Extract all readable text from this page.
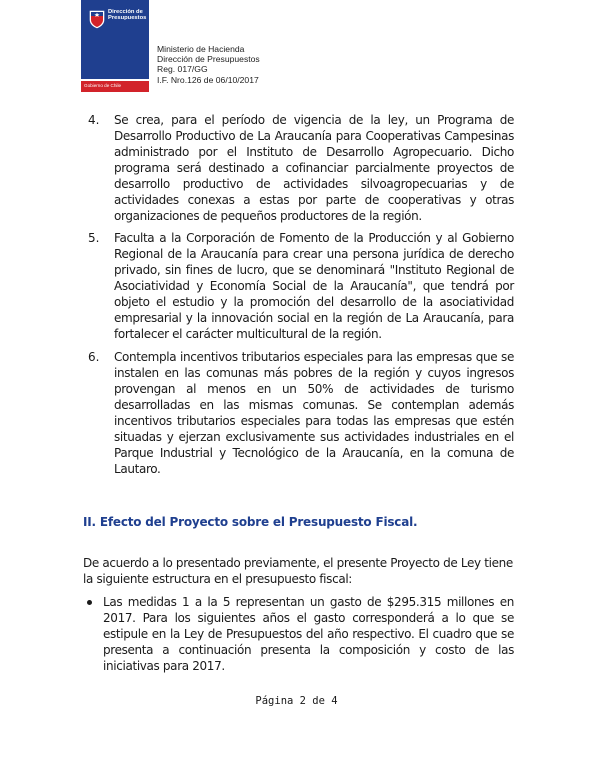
Dirección de Presupuestos
Gobierno de Chile
Ministerio de Hacienda
Dirección de Presupuestos
Reg. 017/GG
I.F. Nro.126 de 06/10/2017
4. Se crea, para el período de vigencia de la ley, un Programa de Desarrollo Productivo de La Araucanía para Cooperativas Campesinas administrado por el Instituto de Desarrollo Agropecuario. Dicho programa será destinado a cofinanciar parcialmente proyectos de desarrollo productivo de actividades silvoagropecuarias y de actividades conexas a estas por parte de cooperativas y otras organizaciones de pequeños productores de la región.
5. Faculta a la Corporación de Fomento de la Producción y al Gobierno Regional de la Araucanía para crear una persona jurídica de derecho privado, sin fines de lucro, que se denominará "Instituto Regional de Asociatividad y Economía Social de la Araucanía", que tendrá por objeto el estudio y la promoción del desarrollo de la asociatividad empresarial y la innovación social en la región de La Araucanía, para fortalecer el carácter multicultural de la región.
6. Contempla incentivos tributarios especiales para las empresas que se instalen en las comunas más pobres de la región y cuyos ingresos provengan al menos en un 50% de actividades de turismo desarrolladas en las mismas comunas. Se contemplan además incentivos tributarios especiales para todas las empresas que estén situadas y ejerzan exclusivamente sus actividades industriales en el Parque Industrial y Tecnológico de la Araucanía, en la comuna de Lautaro.
II. Efecto del Proyecto sobre el Presupuesto Fiscal.
De acuerdo a lo presentado previamente, el presente Proyecto de Ley tiene la siguiente estructura en el presupuesto fiscal:
Las medidas 1 a la 5 representan un gasto de $295.315 millones en 2017. Para los siguientes años el gasto corresponderá a lo que se estipule en la Ley de Presupuestos del año respectivo. El cuadro que se presenta a continuación presenta la composición y costo de las iniciativas para 2017.
Página 2 de 4
